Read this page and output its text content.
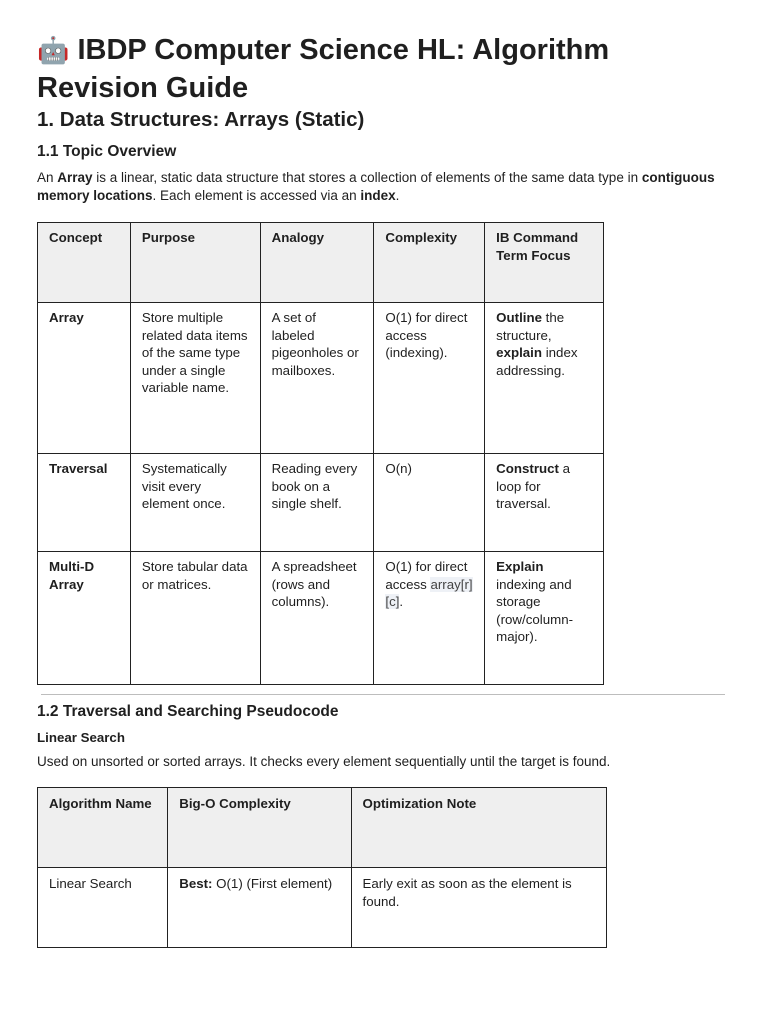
🤖 IBDP Computer Science HL: Algorithm Revision Guide
1. Data Structures: Arrays (Static)
1.1 Topic Overview

An Array is a linear, static data structure that stores a collection of elements of the same data type in contiguous memory locations. Each element is accessed via an index.

Concept	Purpose	Analogy	Complexity	IB Command Term Focus
Array	Store multiple related data items of the same type under a single variable name.	A set of labeled pigeonholes or mailboxes.	O(1) for direct access (indexing).	Outline the structure, explain index addressing.
Traversal	Systematically visit every element once.	Reading every book on a single shelf.	O(n)	Construct a loop for traversal.
Multi-D Array	Store tabular data or matrices.	A spreadsheet (rows and columns).	O(1) for direct access array[r][c].	Explain indexing and storage (row/column-major).
1.2 Traversal and Searching Pseudocode
Linear Search

Used on unsorted or sorted arrays. It checks every element sequentially until the target is found.

Algorithm Name	Big-O Complexity	Optimization Note
Linear Search	Best: O(1) (First element)	Early exit as soon as the element is found.
